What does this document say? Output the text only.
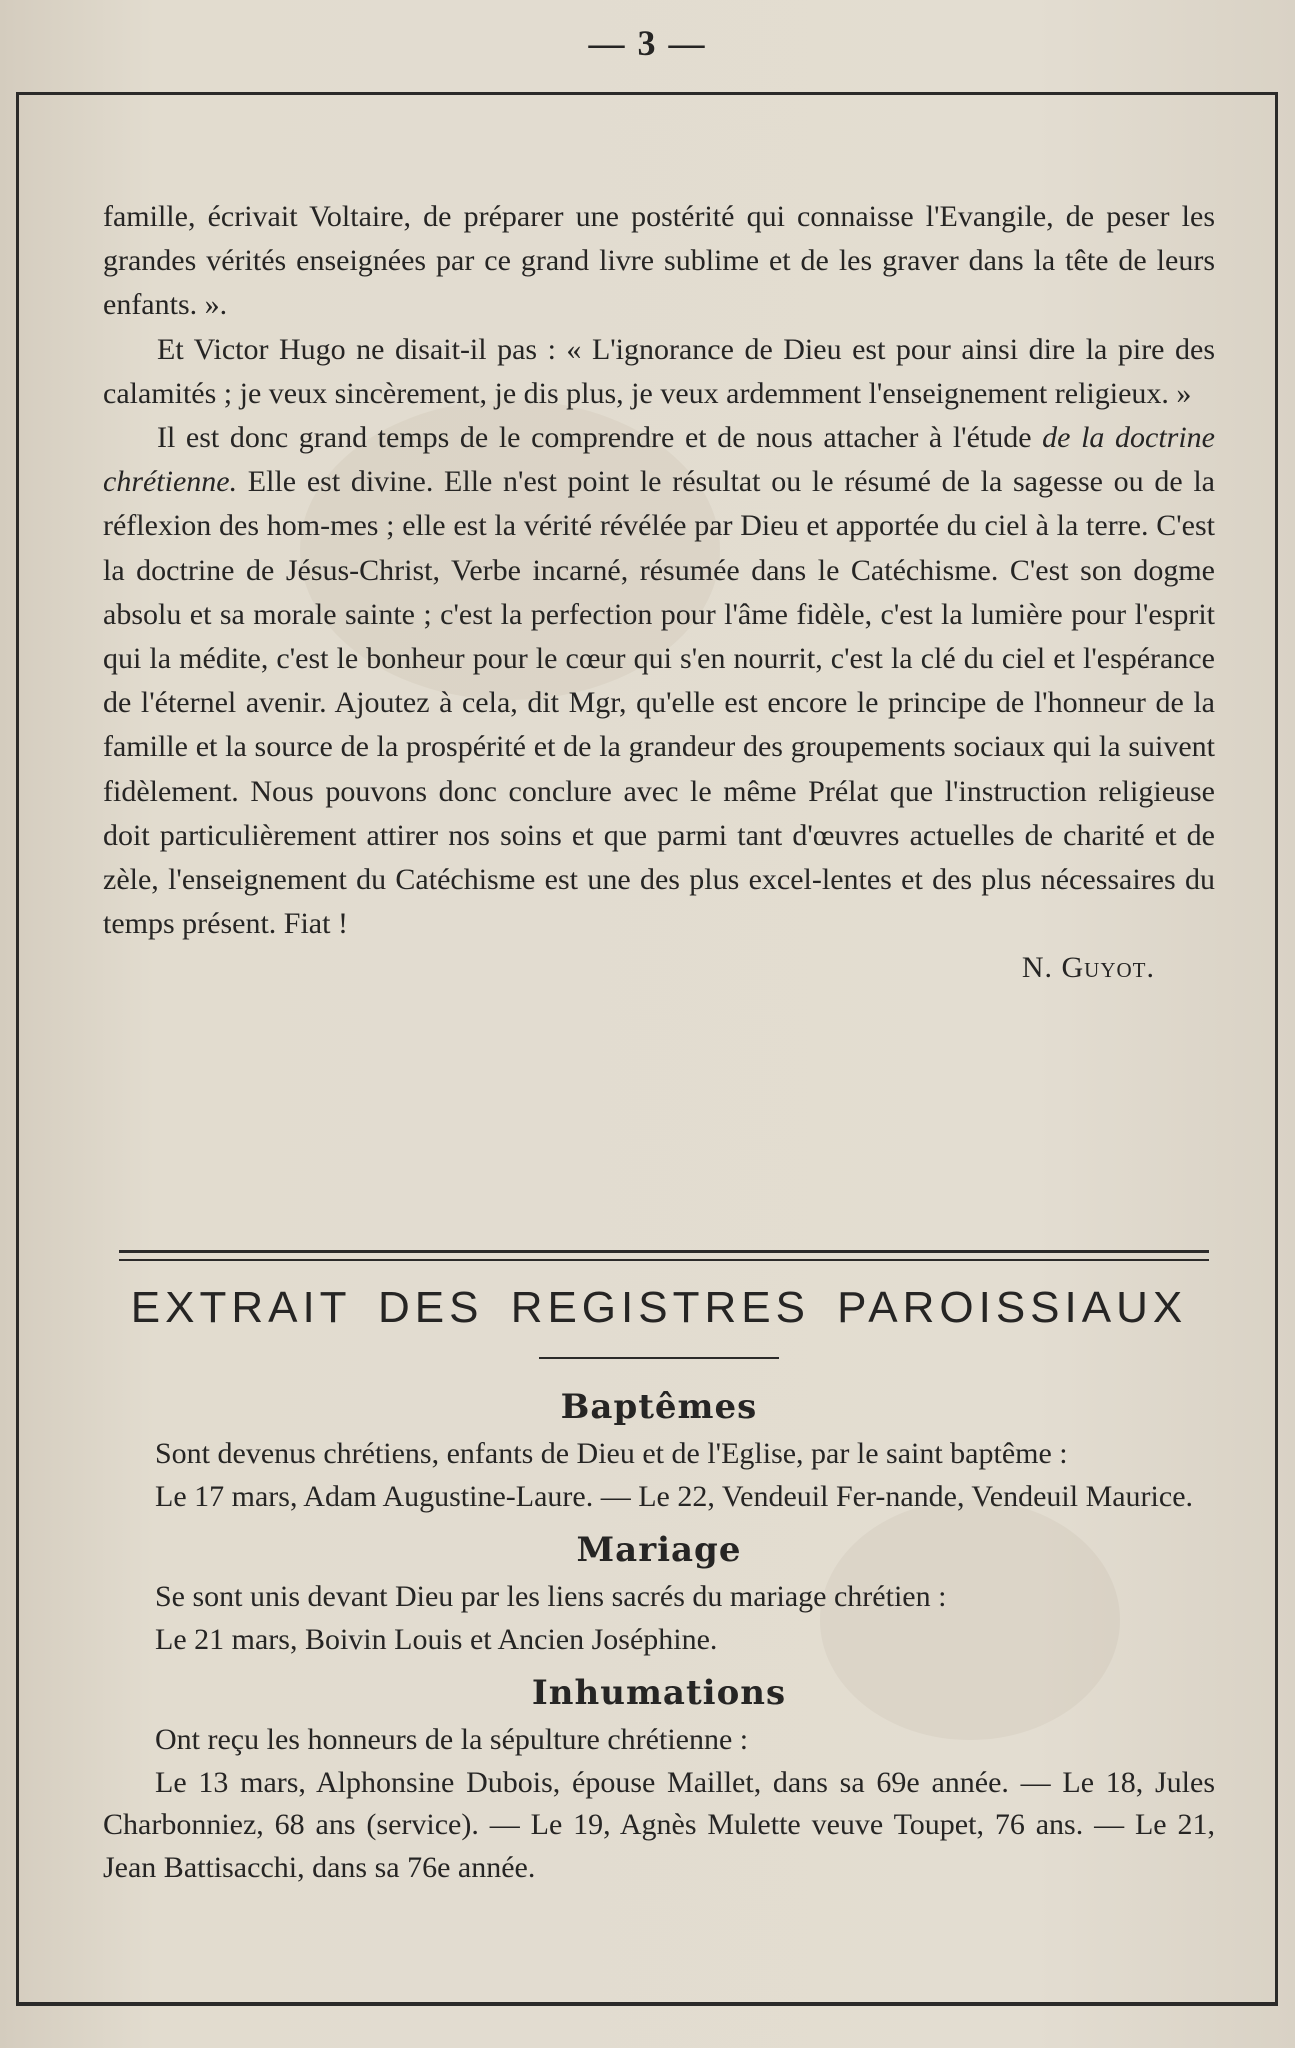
— 3 —

famille, écrivait Voltaire, de préparer une postérité qui connaisse l'Evangile, de peser les grandes vérités enseignées par ce grand livre sublime et de les graver dans la tête de leurs enfants. ».

Et Victor Hugo ne disait-il pas : « L'ignorance de Dieu est pour ainsi dire la pire des calamités ; je veux sincèrement, je dis plus, je veux ardemment l'enseignement religieux. »

Il est donc grand temps de le comprendre et de nous attacher à l'étude de la doctrine chrétienne. Elle est divine. Elle n'est point le résultat ou le résumé de la sagesse ou de la réflexion des hom-mes ; elle est la vérité révélée par Dieu et apportée du ciel à la terre. C'est la doctrine de Jésus-Christ, Verbe incarné, résumée dans le Catéchisme. C'est son dogme absolu et sa morale sainte ; c'est la perfection pour l'âme fidèle, c'est la lumière pour l'esprit qui la médite, c'est le bonheur pour le cœur qui s'en nourrit, c'est la clé du ciel et l'espérance de l'éternel avenir. Ajoutez à cela, dit Mgr, qu'elle est encore le principe de l'honneur de la famille et la source de la prospérité et de la grandeur des groupements sociaux qui la suivent fidèlement. Nous pouvons donc conclure avec le même Prélat que l'instruction religieuse doit particulièrement attirer nos soins et que parmi tant d'œuvres actuelles de charité et de zèle, l'enseignement du Catéchisme est une des plus excel-lentes et des plus nécessaires du temps présent. Fiat !

N. Guyot.

EXTRAIT DES REGISTRES PAROISSIAUX
Baptêmes

Sont devenus chrétiens, enfants de Dieu et de l'Eglise, par le saint baptême :

Le 17 mars, Adam Augustine-Laure. — Le 22, Vendeuil Fer-nande, Vendeuil Maurice.

Mariage

Se sont unis devant Dieu par les liens sacrés du mariage chrétien :

Le 21 mars, Boivin Louis et Ancien Joséphine.

Inhumations

Ont reçu les honneurs de la sépulture chrétienne :

Le 13 mars, Alphonsine Dubois, épouse Maillet, dans sa 69e année. — Le 18, Jules Charbonniez, 68 ans (service). — Le 19, Agnès Mulette veuve Toupet, 76 ans. — Le 21, Jean Battisacchi, dans sa 76e année.
